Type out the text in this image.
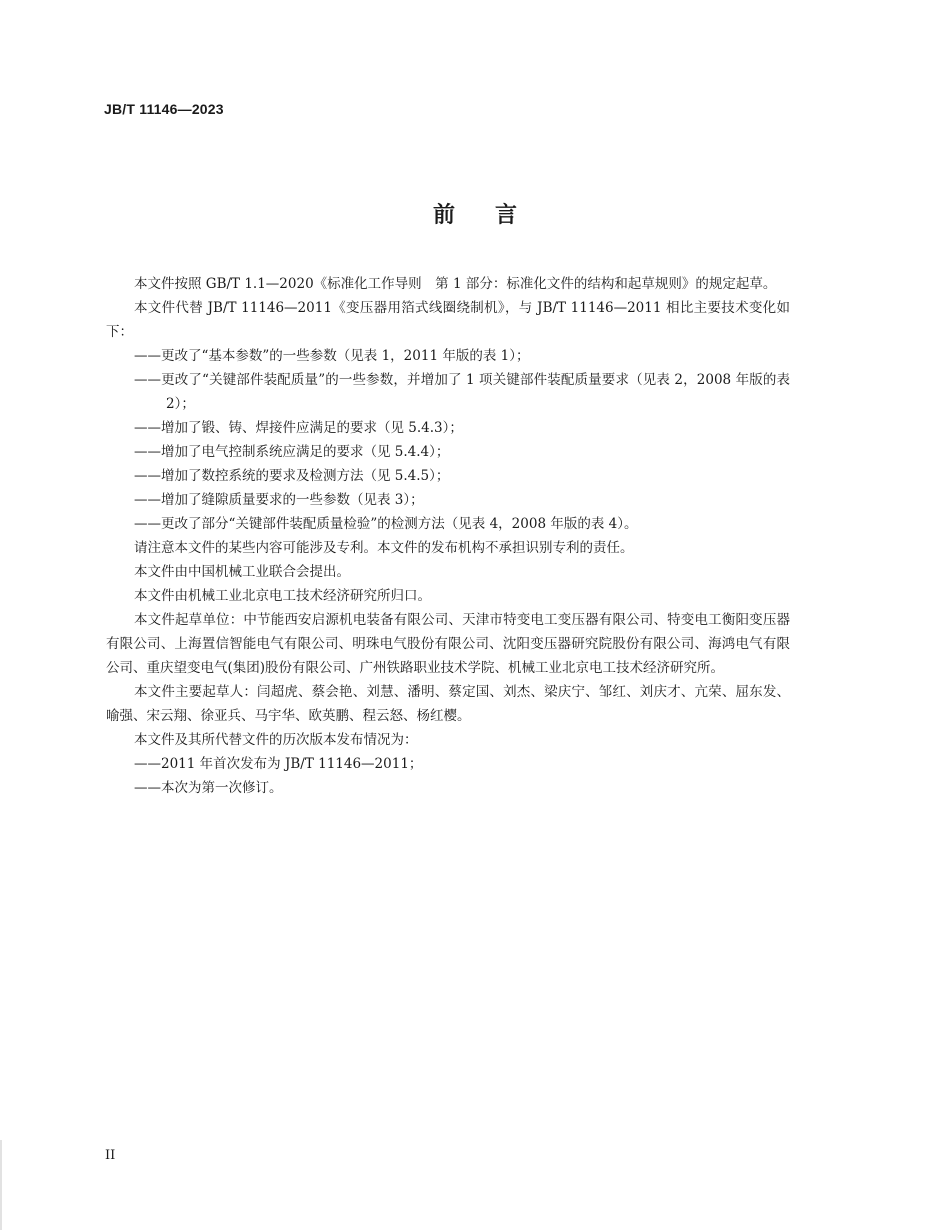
JB/T 11146—2023
前言

本文件按照 GB/T 1.1—2020《标准化工作导则　第 1 部分：标准化文件的结构和起草规则》的规定起草。

本文件代替 JB/T 11146—2011《变压器用箔式线圈绕制机》，与 JB/T 11146—2011 相比主要技术变化如下：

——更改了“基本参数”的一些参数（见表 1，2011 年版的表 1）；

——更改了“关键部件装配质量”的一些参数，并增加了 1 项关键部件装配质量要求（见表 2，2008 年版的表 2）；

——增加了锻、铸、焊接件应满足的要求（见 5.4.3）；

——增加了电气控制系统应满足的要求（见 5.4.4）；

——增加了数控系统的要求及检测方法（见 5.4.5）；

——增加了缝隙质量要求的一些参数（见表 3）；

——更改了部分“关键部件装配质量检验”的检测方法（见表 4，2008 年版的表 4）。

请注意本文件的某些内容可能涉及专利。本文件的发布机构不承担识别专利的责任。

本文件由中国机械工业联合会提出。

本文件由机械工业北京电工技术经济研究所归口。

本文件起草单位：中节能西安启源机电装备有限公司、天津市特变电工变压器有限公司、特变电工衡阳变压器有限公司、上海置信智能电气有限公司、明珠电气股份有限公司、沈阳变压器研究院股份有限公司、海鸿电气有限公司、重庆望变电气(集团)股份有限公司、广州铁路职业技术学院、机械工业北京电工技术经济研究所。

本文件主要起草人：闫超虎、蔡会艳、刘慧、潘明、蔡定国、刘杰、梁庆宁、邹红、刘庆才、亢荣、屈东发、喻强、宋云翔、徐亚兵、马宇华、欧英鹏、程云怒、杨红樱。

本文件及其所代替文件的历次版本发布情况为：

——2011 年首次发布为 JB/T 11146—2011；

——本次为第一次修订。

II
